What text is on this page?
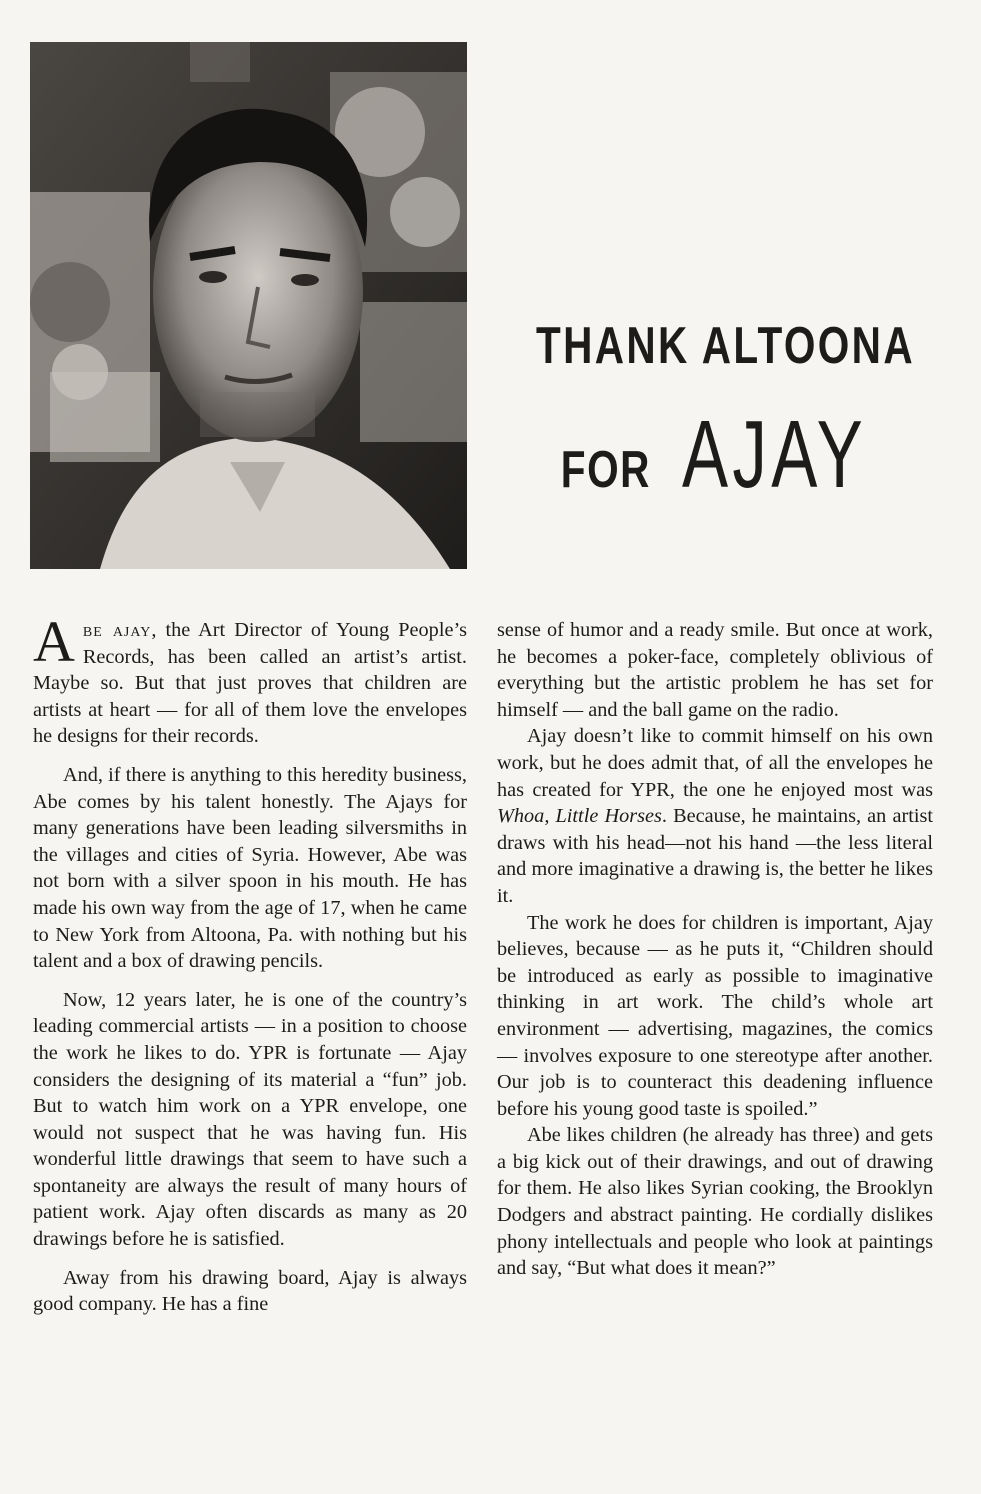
THANK ALTOONA
FOR AJAY

Abe ajay, the Art Director of Young People’s Records, has been called an artist’s artist. Maybe so. But that just proves that children are artists at heart — for all of them love the envelopes he designs for their records.

And, if there is anything to this heredity business, Abe comes by his talent honestly. The Ajays for many generations have been leading silversmiths in the villages and cities of Syria. However, Abe was not born with a silver spoon in his mouth. He has made his own way from the age of 17, when he came to New York from Altoona, Pa. with nothing but his talent and a box of drawing pencils.

Now, 12 years later, he is one of the country’s leading commercial artists — in a position to choose the work he likes to do. YPR is fortunate — Ajay considers the designing of its material a “fun” job. But to watch him work on a YPR envelope, one would not suspect that he was having fun. His wonderful little drawings that seem to have such a spontaneity are always the result of many hours of patient work. Ajay often discards as many as 20 drawings before he is satisfied.

Away from his drawing board, Ajay is always good company. He has a fine

sense of humor and a ready smile. But once at work, he becomes a poker-face, completely oblivious of everything but the artistic problem he has set for himself — and the ball game on the radio.

Ajay doesn’t like to commit himself on his own work, but he does admit that, of all the envelopes he has created for YPR, the one he enjoyed most was Whoa, Little Horses. Because, he maintains, an artist draws with his head—not his hand —the less literal and more imaginative a drawing is, the better he likes it.

The work he does for children is important, Ajay believes, because — as he puts it, “Children should be introduced as early as possible to imaginative thinking in art work. The child’s whole art environment — advertising, magazines, the comics — involves exposure to one stereotype after another. Our job is to counteract this deadening influence before his young good taste is spoiled.”

Abe likes children (he already has three) and gets a big kick out of their drawings, and out of drawing for them. He also likes Syrian cooking, the Brooklyn Dodgers and abstract painting. He cordially dislikes phony intellectuals and people who look at paintings and say, “But what does it mean?”
